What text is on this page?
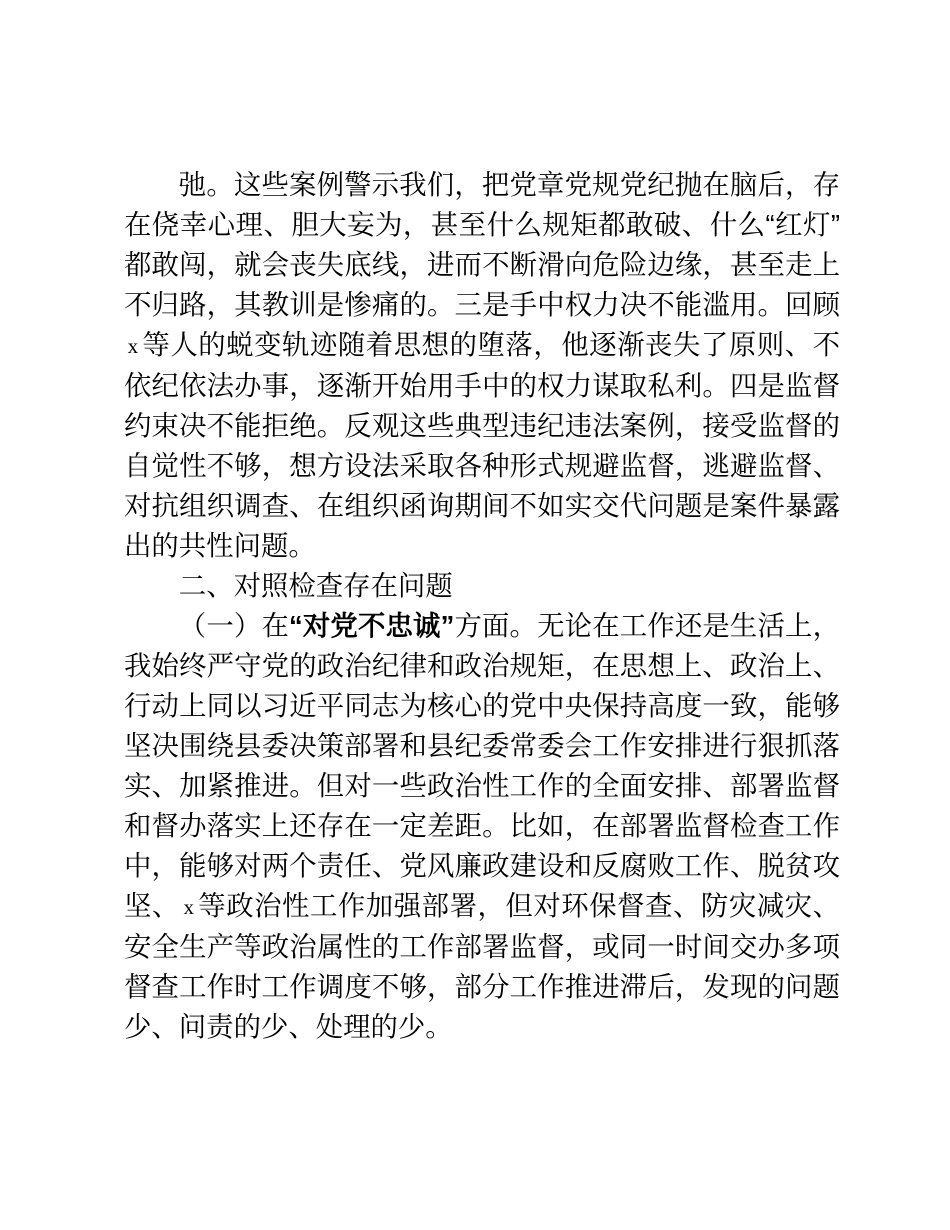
弛。这些案例警示我们，把党章党规党纪抛在脑后，存在侥幸心理、胆大妄为，甚至什么规矩都敢破、什么“红灯”都敢闯，就会丧失底线，进而不断滑向危险边缘，甚至走上不归路，其教训是惨痛的。三是手中权力决不能滥用。回顾x 等人的蜕变轨迹随着思想的堕落，他逐渐丧失了原则、不依纪依法办事，逐渐开始用手中的权力谋取私利。四是监督约束决不能拒绝。反观这些典型违纪违法案例，接受监督的自觉性不够，想方设法采取各种形式规避监督，逃避监督、对抗组织调查、在组织函询期间不如实交代问题是案件暴露出的共性问题。

二、对照检查存在问题

（一）在“对党不忠诚”方面。无论在工作还是生活上，我始终严守党的政治纪律和政治规矩，在思想上、政治上、行动上同以习近平同志为核心的党中央保持高度一致，能够坚决围绕县委决策部署和县纪委常委会工作安排进行狠抓落实、加紧推进。但对一些政治性工作的全面安排、部署监督和督办落实上还存在一定差距。比如，在部署监督检查工作中，能够对两个责任、党风廉政建设和反腐败工作、脱贫攻坚、 x 等政治性工作加强部署，但对环保督查、防灾减灾、安全生产等政治属性的工作部署监督，或同一时间交办多项督查工作时工作调度不够，部分工作推进滞后，发现的问题少、问责的少、处理的少。
